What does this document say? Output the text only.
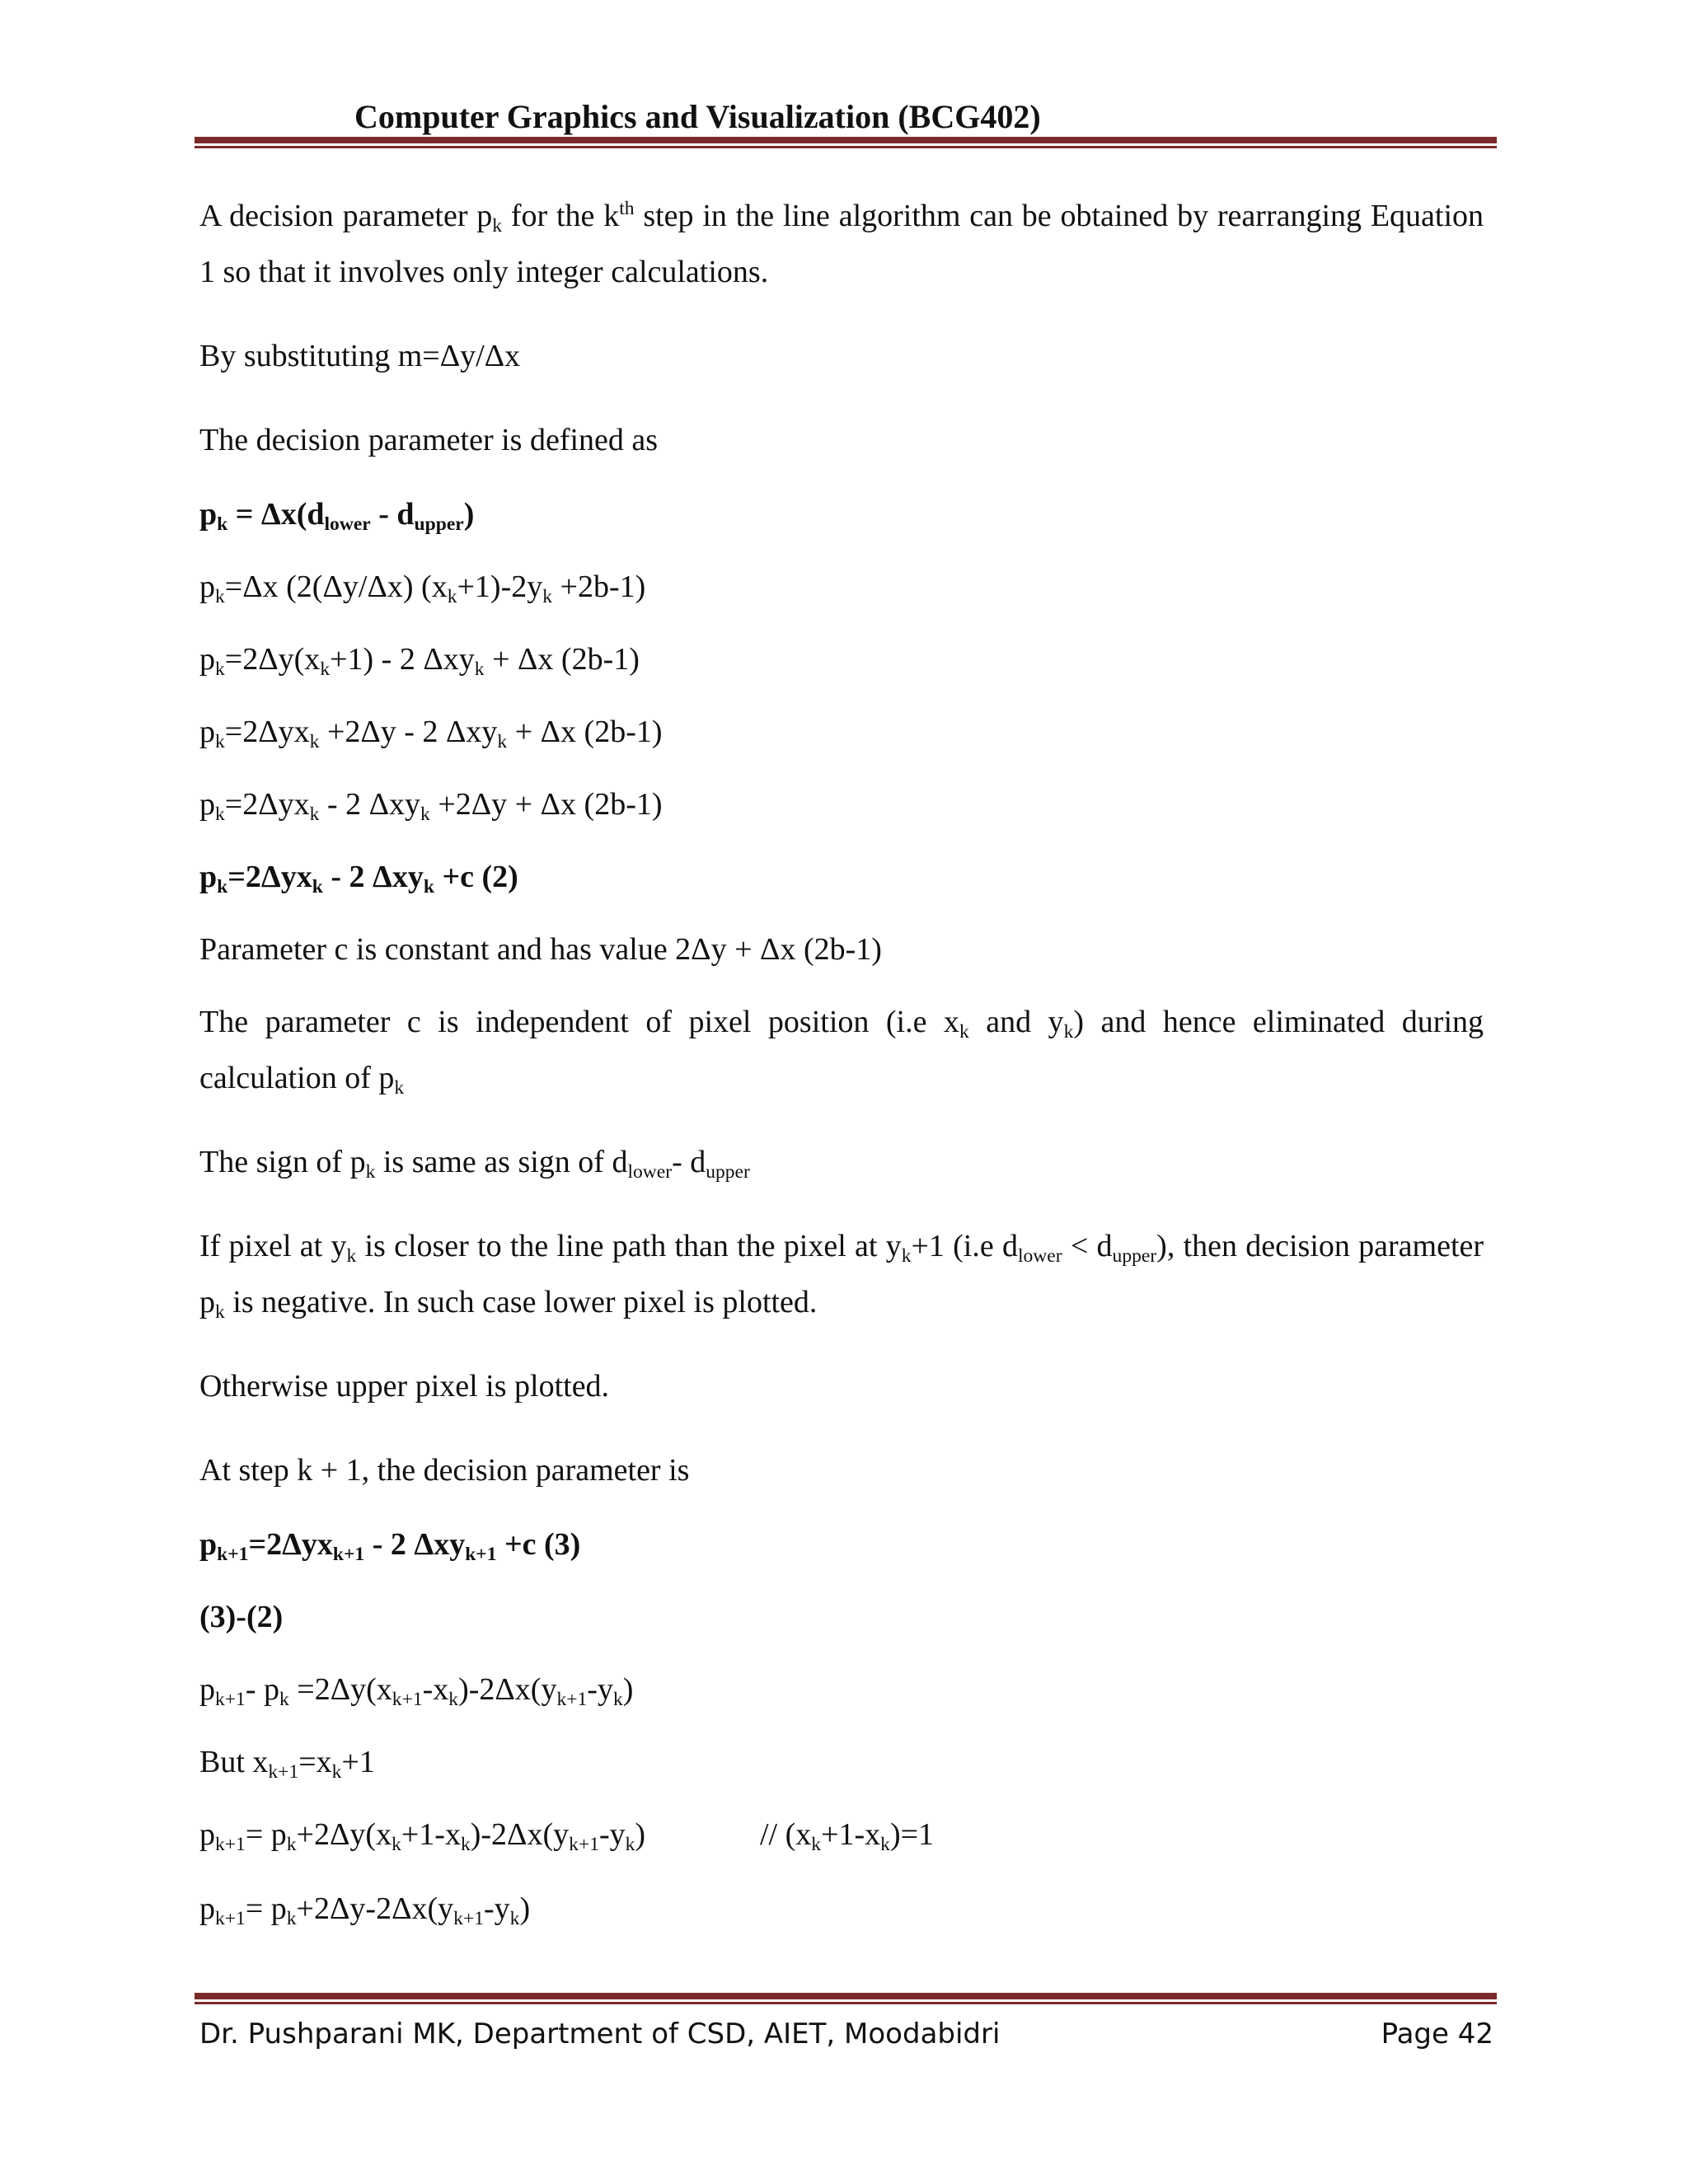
Computer Graphics and Visualization (BCG402)
A decision parameter $p_k$ for the $k^{th}$ step in the line algorithm can be obtained by rearranging Equation 1 so that it involves only integer calculations.
By substituting m=Δy/Δx
The decision parameter is defined as
$p_k = \Delta x(d_{lower} - d_{upper})$
$p_k=\Delta x$ (2(Δy/Δx) $(x_k+1)-2y_k +2b-1$)
$p_k=2\Delta y(x_k+1) - 2$ Δxy$_k$ + Δx (2b-1)
$p_k=2\Delta yx_k +2\Delta y - 2$ Δxy$_k$ + Δx (2b-1)
$p_k=2\Delta yx_k - 2$ Δxy$_k$ +2Δy + Δx (2b-1)
$p_k=2\Delta yx_k - 2$ Δxy$_k$ +c (2)
Parameter c is constant and has value 2Δy + Δx (2b-1)
The parameter c is independent of pixel position (i.e $x_k$ and $y_k$) and hence eliminated during calculation of $p_k$
The sign of $p_k$ is same as sign of $d_{lower}-$ $d_{upper}$
If pixel at $y_k$ is closer to the line path than the pixel at $y_k+1$ (i.e $d_{lower} < d_{upper}$), then decision parameter $p_k$ is negative. In such case lower pixel is plotted.
Otherwise upper pixel is plotted.
At step k + 1, the decision parameter is
$p_{k+1}=2\Delta yx_{k+1} - 2$ Δxy$_{k+1}$ +c (3)
(3)-(2)
$p_{k+1}-$ $p_k =2\Delta y(x_{k+1}-x_k)-2\Delta x(y_{k+1}-y_k)$
But $x_{k+1}=x_k+1$
$p_{k+1}= p_k+2\Delta y(x_k+1-x_k)-2\Delta x(y_{k+1}-y_k)$	// $(x_k+1-x_k)=1$
$p_{k+1}= p_k+2\Delta y-2\Delta x(y_{k+1}-y_k)$
Dr. Pushparani MK, Department of CSD, AIET, Moodabidri	Page 42
